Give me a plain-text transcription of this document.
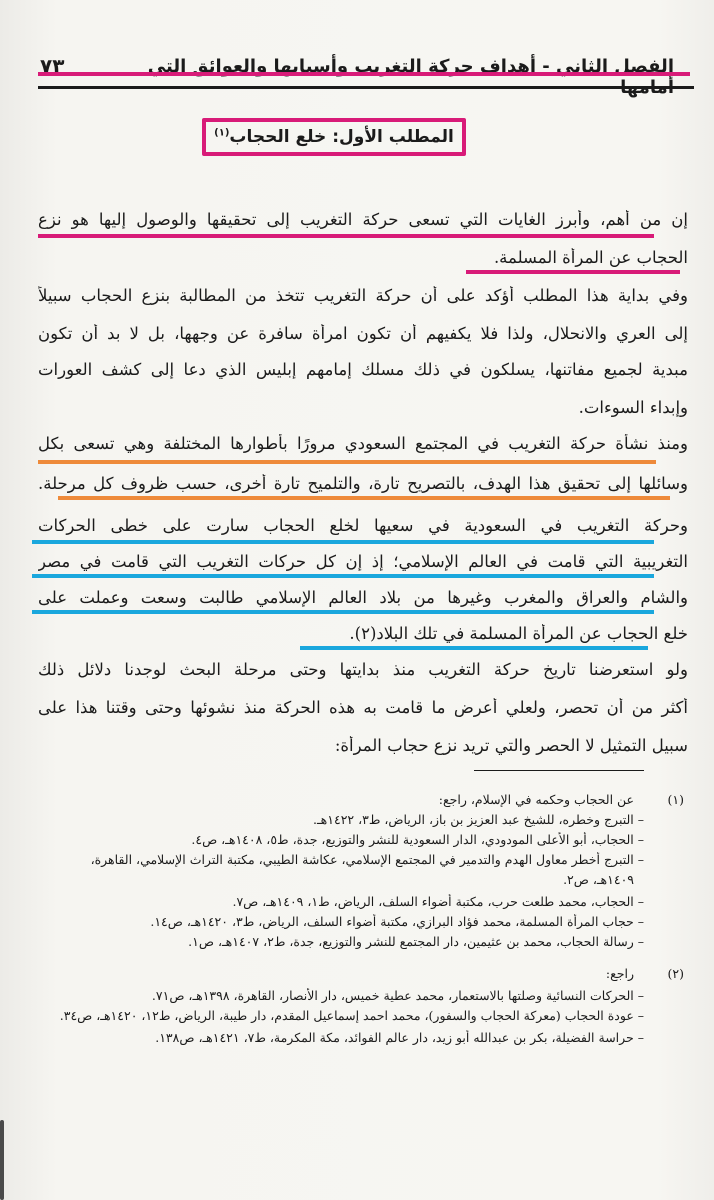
٧٣	الفصل الثاني - أهداف حركة التغريب وأسبابها والعوائق التي أمامها
المطلب الأول: خلع الحجاب$^{(١)}$
إن من أهم، وأبرز الغايات التي تسعى حركة التغريب إلى تحقيقها والوصول إليها هو نزع
الحجاب عن المرأة المسلمة.
وفي بداية هذا المطلب أؤكد على أن حركة التغريب تتخذ من المطالبة بنزع الحجاب سبيلاً
إلى العري والانحلال، ولذا فلا يكفيهم أن تكون امرأة سافرة عن وجهها، بل لا بد أن تكون
مبدية لجميع مفاتنها، يسلكون في ذلك مسلك إمامهم إبليس الذي دعا إلى كشف العورات
وإبداء السوءات.
ومنذ نشأة حركة التغريب في المجتمع السعودي مرورًا بأطوارها المختلفة وهي تسعى بكل
وسائلها إلى تحقيق هذا الهدف، بالتصريح تارة، والتلميح تارة أخرى، حسب ظروف كل مرحلة.
وحركة التغريب في السعودية في سعيها لخلع الحجاب سارت على خطى الحركات
التغريبية التي قامت في العالم الإسلامي؛ إذ إن كل حركات التغريب التي قامت في مصر
والشام والعراق والمغرب وغيرها من بلاد العالم الإسلامي طالبت وسعت وعملت على
خلع الحجاب عن المرأة المسلمة في تلك البلاد(٢).
ولو استعرضنا تاريخ حركة التغريب منذ بدايتها وحتى مرحلة البحث لوجدنا دلائل ذلك
أكثر من أن تحصر، ولعلي أعرض ما قامت به هذه الحركة منذ نشوئها وحتى وقتنا هذا على
سبيل التمثيل لا الحصر والتي تريد نزع حجاب المرأة:
(١)
عن الحجاب وحكمه في الإسلام، راجع:
– التبرج وخطره، للشيخ عبد العزيز بن باز، الرياض، ط٣، ١٤٢٢هـ.
– الحجاب، أبو الأعلى المودودي، الدار السعودية للنشر والتوزيع، جدة، ط٥، ١٤٠٨هـ، ص٤.
– التبرج أخطر معاول الهدم والتدمير في المجتمع الإسلامي، عكاشة الطيبي، مكتبة التراث الإسلامي، القاهرة،
١٤٠٩هـ، ص٢.
– الحجاب، محمد طلعت حرب، مكتبة أضواء السلف، الرياض، ط١، ١٤٠٩هـ، ص٧.
– حجاب المرأة المسلمة، محمد فؤاد البرازي، مكتبة أضواء السلف، الرياض، ط٣، ١٤٢٠هـ، ص١٤.
– رسالة الحجاب، محمد بن عثيمين، دار المجتمع للنشر والتوزيع، جدة، ط٢، ١٤٠٧هـ، ص١.
(٢)
راجع:
– الحركات النسائية وصلتها بالاستعمار، محمد عطية خميس، دار الأنصار، القاهرة، ١٣٩٨هـ، ص٧١.
– عودة الحجاب (معركة الحجاب والسفور)، محمد احمد إسماعيل المقدم، دار طيبة، الرياض، ط١٢، ١٤٢٠هـ، ص٣٤.
– حراسة الفضيلة، بكر بن عبدالله أبو زيد، دار عالم الفوائد، مكة المكرمة، ط٧، ١٤٢١هـ، ص١٣٨.
